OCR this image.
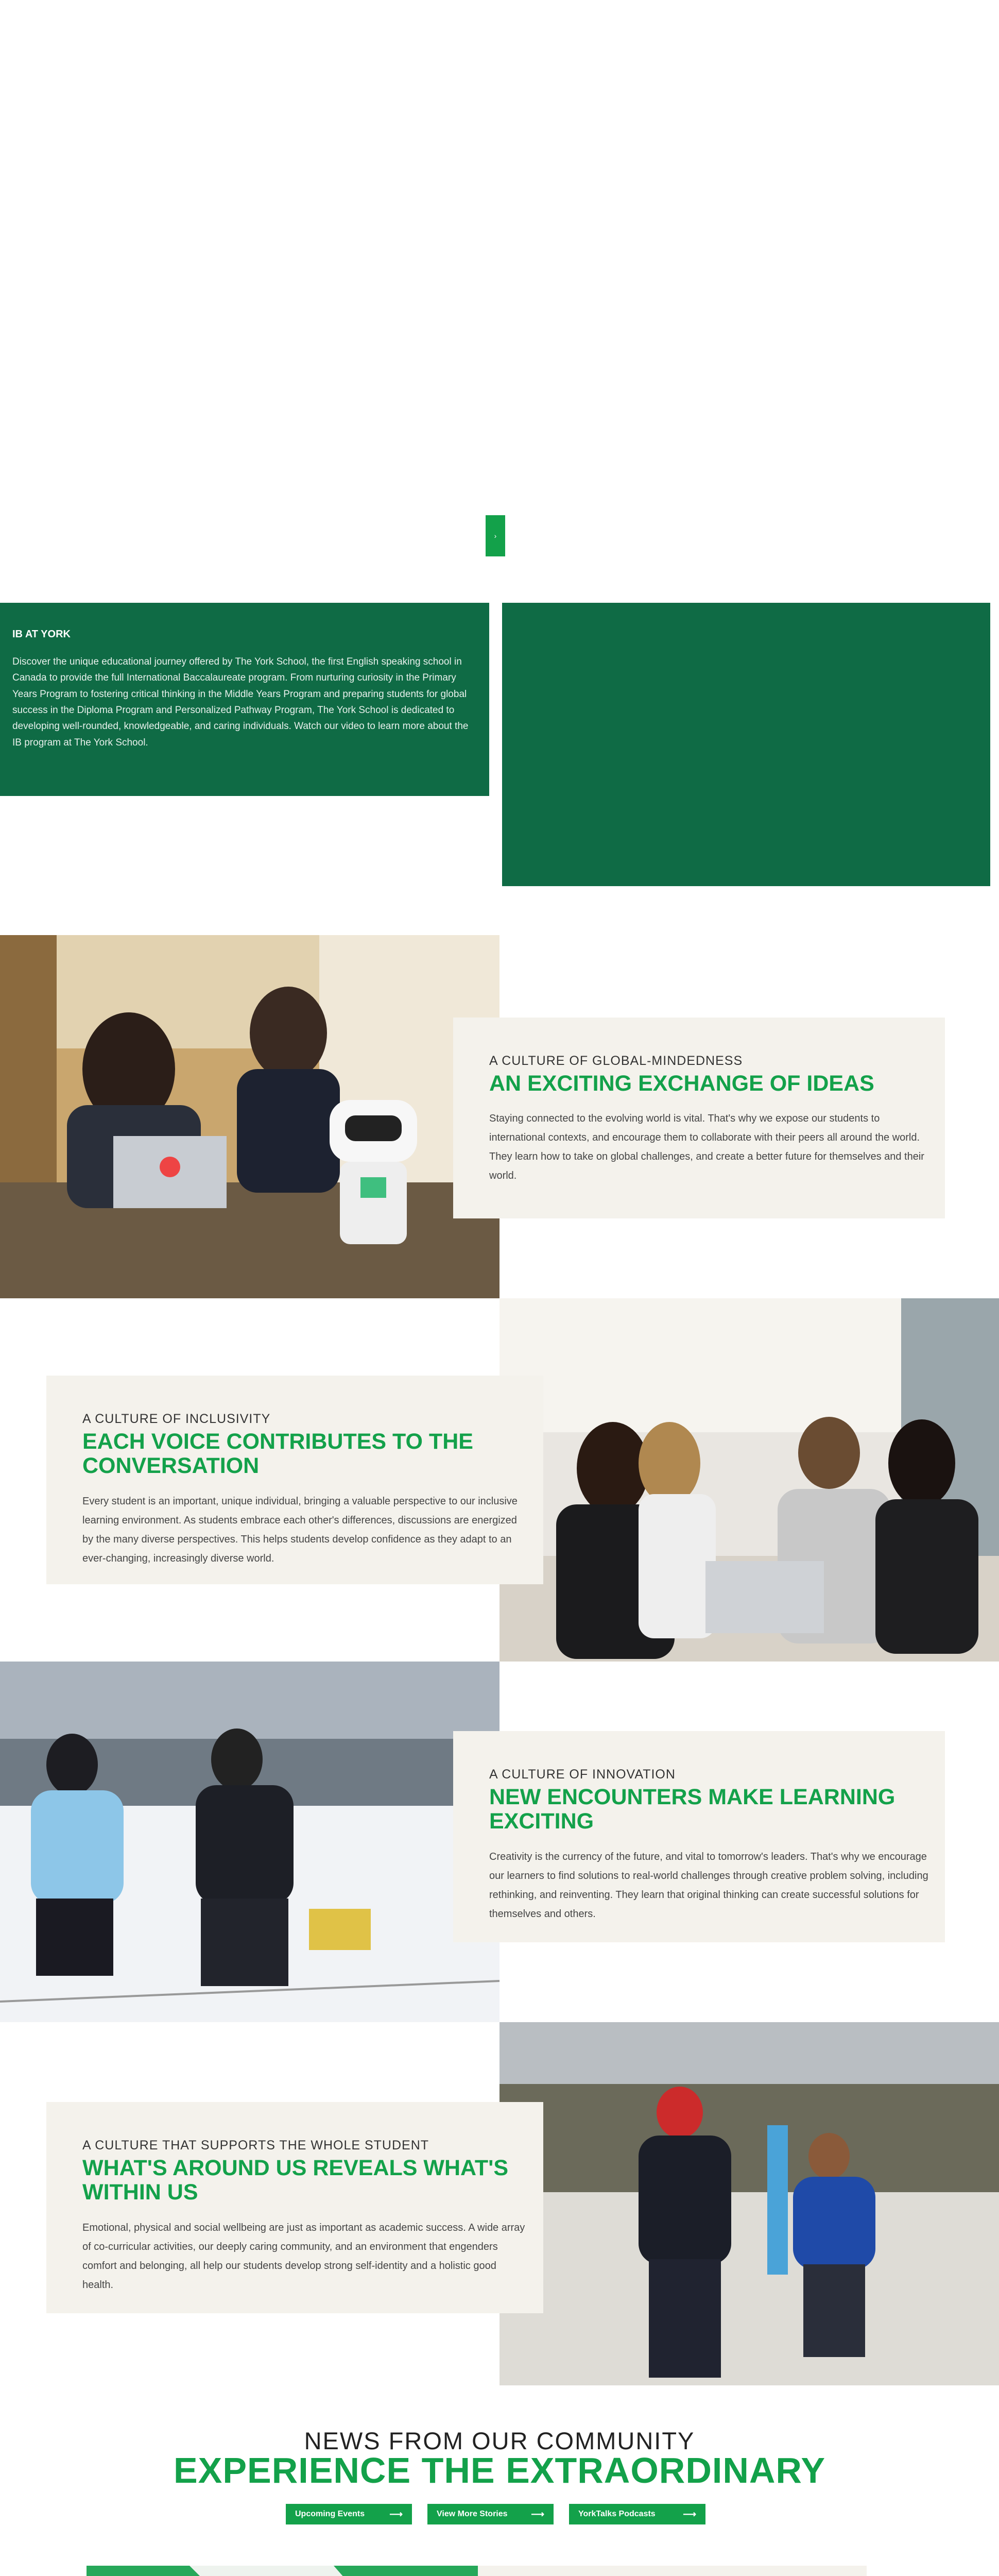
›
IB AT YORK

Discover the unique educational journey offered by The York School, the first English speaking school in Canada to provide the full International Baccalaureate program. From nurturing curiosity in the Primary Years Program to fostering critical thinking in the Middle Years Program and preparing students for global success in the Diploma Program and Personalized Pathway Program, The York School is dedicated to developing well-rounded, knowledgeable, and caring individuals. Watch our video to learn more about the IB program at The York School.

A CULTURE OF GLOBAL-MINDEDNESS
AN EXCITING EXCHANGE OF IDEAS

Staying connected to the evolving world is vital. That's why we expose our students to international contexts, and encourage them to collaborate with their peers all around the world. They learn how to take on global challenges, and create a better future for themselves and their world.

A CULTURE OF INCLUSIVITY
EACH VOICE CONTRIBUTES TO THE CONVERSATION

Every student is an important, unique individual, bringing a valuable perspective to our inclusive learning environment. As students embrace each other's differences, discussions are energized by the many diverse perspectives. This helps students develop confidence as they adapt to an ever-changing, increasingly diverse world.

A CULTURE OF INNOVATION
NEW ENCOUNTERS MAKE LEARNING EXCITING

Creativity is the currency of the future, and vital to tomorrow's leaders. That's why we encourage our learners to find solutions to real-world challenges through creative problem solving, including rethinking, and reinventing. They learn that original thinking can create successful solutions for themselves and others.

A CULTURE THAT SUPPORTS THE WHOLE STUDENT
WHAT'S AROUND US REVEALS WHAT'S WITHIN US

Emotional, physical and social wellbeing are just as important as academic success. A wide array of co-curricular activities, our deeply caring community, and an environment that engenders comfort and belonging, all help our students develop strong self-identity and a holistic good health.

NEWS FROM OUR COMMUNITY
EXPERIENCE THE EXTRAORDINARY
Upcoming Events	⟶	View More Stories	⟶	YorkTalks Podcasts	⟶
